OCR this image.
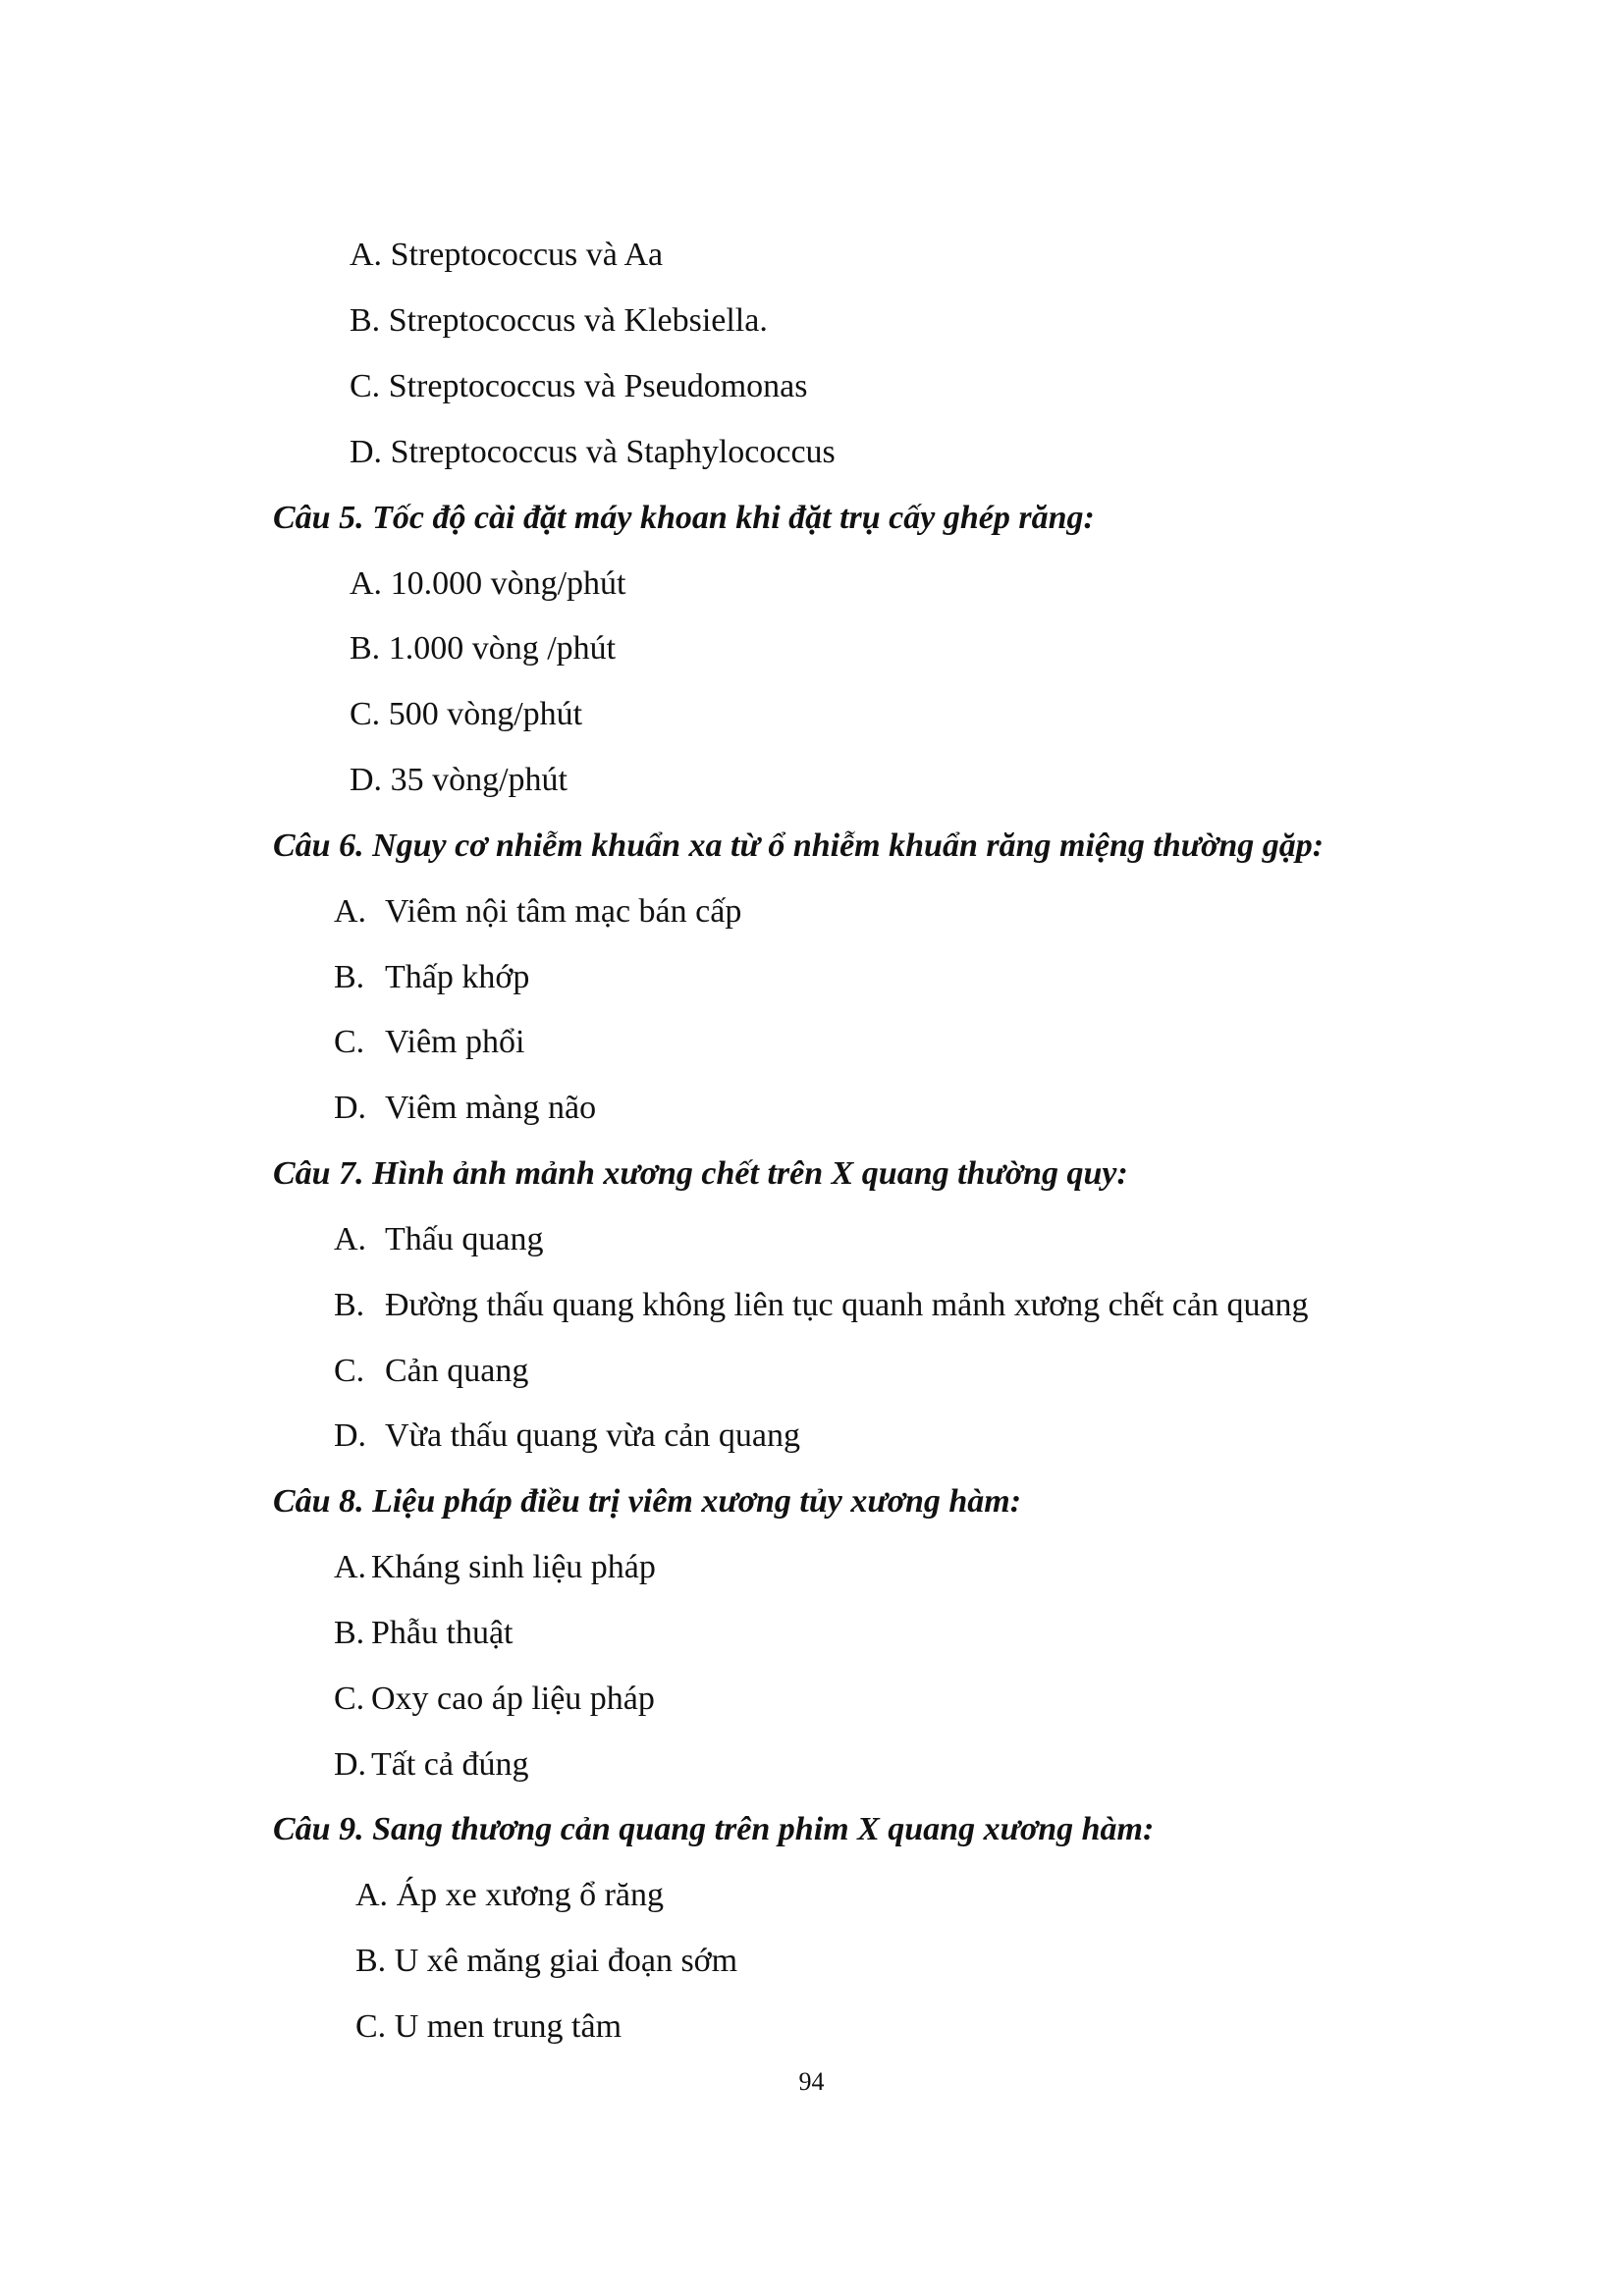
A. Streptococcus và Aa
B. Streptococcus và Klebsiella.
C. Streptococcus và Pseudomonas
D. Streptococcus và Staphylococcus
Câu 5. Tốc độ cài đặt máy khoan khi đặt trụ cấy ghép răng:
A. 10.000 vòng/phút
B. 1.000 vòng /phút
C. 500 vòng/phút
D. 35 vòng/phút
Câu 6. Nguy cơ nhiễm khuẩn xa từ ổ nhiễm khuẩn răng miệng thường gặp:
A. Viêm nội tâm mạc bán cấp
B. Thấp khớp
C. Viêm phổi
D. Viêm màng não
Câu 7. Hình ảnh mảnh xương chết trên X quang thường quy:
A. Thấu quang
B. Đường thấu quang không liên tục quanh mảnh xương chết cản quang
C. Cản quang
D. Vừa thấu quang vừa cản quang
Câu 8. Liệu pháp điều trị viêm xương tủy xương hàm:
A. Kháng sinh liệu pháp
B. Phẫu thuật
C. Oxy cao áp liệu pháp
D. Tất cả đúng
Câu 9. Sang thương cản quang trên phim X quang xương hàm:
A. Áp xe xương ổ răng
B. U xê măng giai đoạn sớm
C. U men trung tâm
94
